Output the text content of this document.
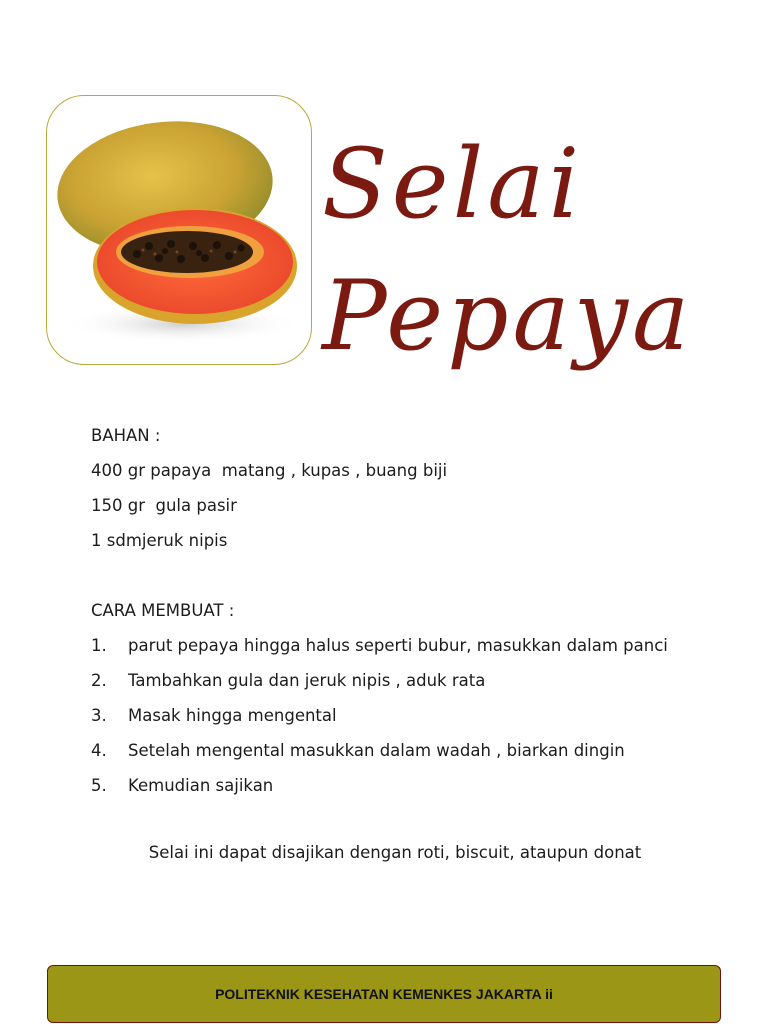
Selai
Pepaya

BAHAN :

400 gr papaya  matang , kupas , buang biji

150 gr  gula pasir

1 sdmjeruk nipis

CARA MEMBUAT :

1.	parut pepaya hingga halus seperti bubur, masukkan dalam panci
2.	Tambahkan gula dan jeruk nipis , aduk rata
3.	Masak hingga mengental
4.	Setelah mengental masukkan dalam wadah , biarkan dingin
5.	Kemudian sajikan
Selai ini dapat disajikan dengan roti, biscuit, ataupun donat
POLITEKNIK KESEHATAN KEMENKES JAKARTA ii
